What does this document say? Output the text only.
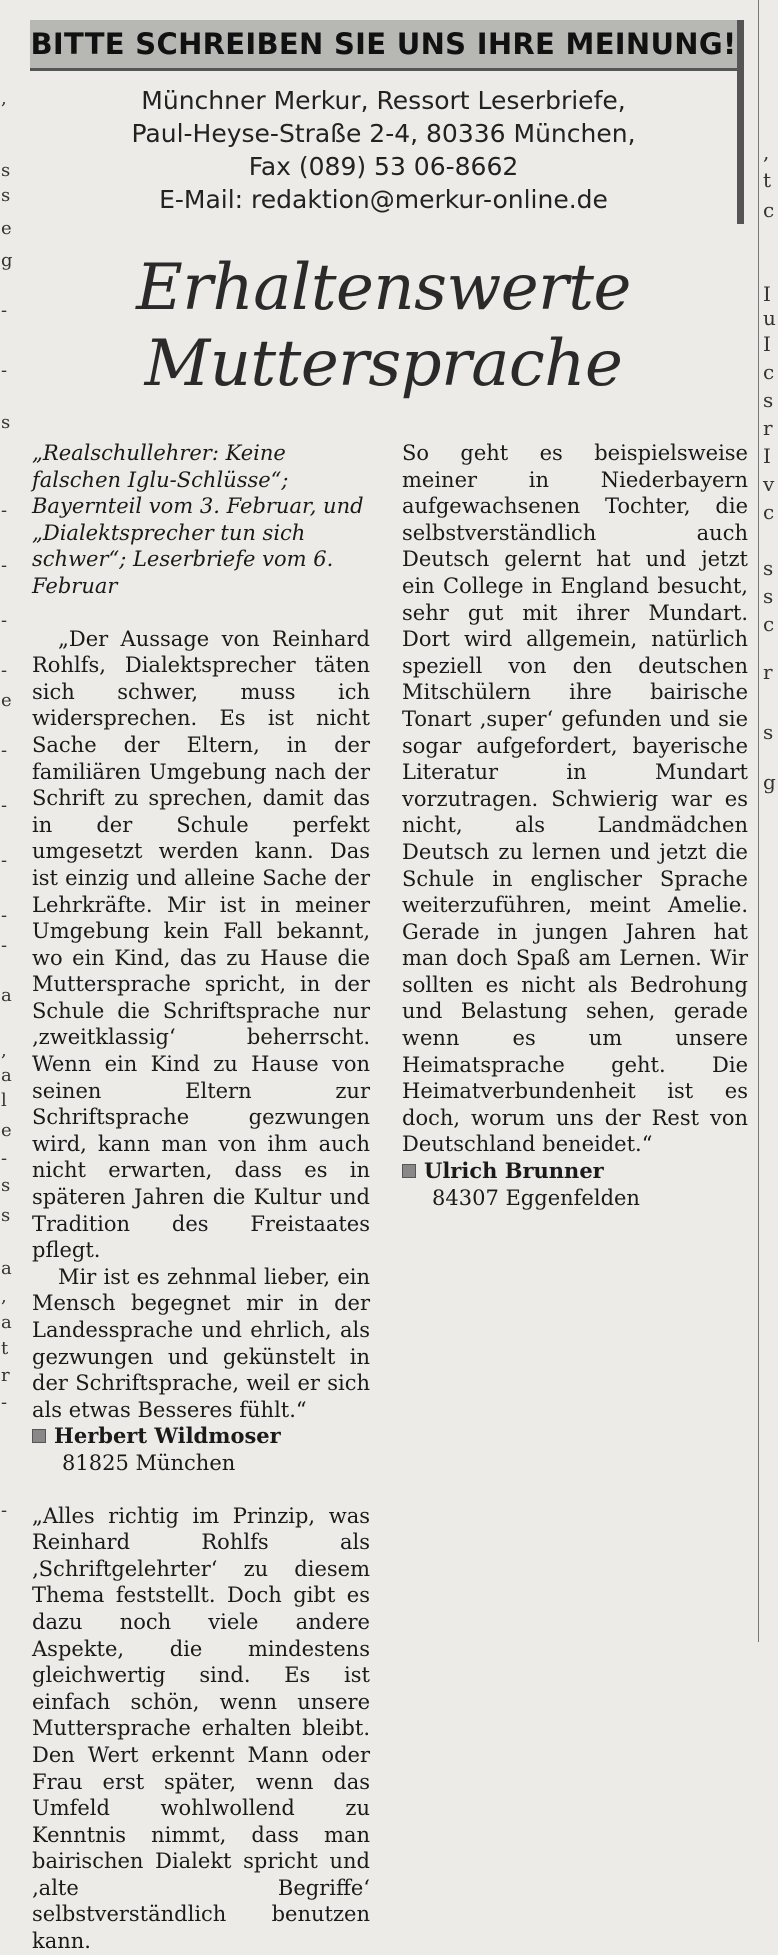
,
s
s
e
g
-
-
s
-
-
-
-
e
-
-
-
-
-
a
,
a
l
e
-
s
s
a
,
a
t
r
-
-
,
t
c
I
u
I
c
s
r
I
v
c
s
s
c
r
s
g
BITTE SCHREIBEN SIE UNS IHRE MEINUNG!
Münchner Merkur, Ressort Leserbriefe,
Paul-Heyse-Straße 2-4, 80336 München,
Fax (089) 53 06-8662
E-Mail: redaktion@merkur-online.de
Erhaltenswerte
Muttersprache

„Realschullehrer: Keine falschen Iglu-Schlüsse“; Bayernteil vom 3. Februar, und „Dialektsprecher tun sich schwer“; Leserbriefe vom 6. Februar

„Der Aussage von Reinhard Rohlfs, Dialektsprecher täten sich schwer, muss ich widersprechen. Es ist nicht Sache der Eltern, in der familiären Umgebung nach der Schrift zu sprechen, damit das in der Schule perfekt umgesetzt werden kann. Das ist einzig und alleine Sache der Lehrkräfte. Mir ist in meiner Umgebung kein Fall bekannt, wo ein Kind, das zu Hause die Muttersprache spricht, in der Schule die Schriftsprache nur ‚zweitklassig‘ beherrscht. Wenn ein Kind zu Hause von seinen Eltern zur Schriftsprache gezwungen wird, kann man von ihm auch nicht erwarten, dass es in späteren Jahren die Kultur und Tradition des Freistaates pflegt.

Mir ist es zehnmal lieber, ein Mensch begegnet mir in der Landessprache und ehrlich, als gezwungen und gekünstelt in der Schriftsprache, weil er sich als etwas Besseres fühlt.“

Herbert Wildmoser
81825 München

„Alles richtig im Prinzip, was Reinhard Rohlfs als ‚Schriftgelehrter‘ zu diesem Thema feststellt. Doch gibt es dazu noch viele andere Aspekte, die mindestens gleichwertig sind. Es ist einfach schön, wenn unsere Muttersprache erhalten bleibt. Den Wert erkennt Mann oder Frau erst später, wenn das Umfeld wohlwollend zu Kenntnis nimmt, dass man bairischen Dialekt spricht und ‚alte Begriffe‘ selbstverständlich benutzen kann.

So geht es beispielsweise meiner in Niederbayern aufgewachsenen Tochter, die selbstverständlich auch Deutsch gelernt hat und jetzt ein College in England besucht, sehr gut mit ihrer Mundart. Dort wird allgemein, natürlich speziell von den deutschen Mitschülern ihre bairische Tonart ‚super‘ gefunden und sie sogar aufgefordert, bayerische Literatur in Mundart vorzutragen. Schwierig war es nicht, als Landmädchen Deutsch zu lernen und jetzt die Schule in englischer Sprache weiterzuführen, meint Amelie. Gerade in jungen Jahren hat man doch Spaß am Lernen. Wir sollten es nicht als Bedrohung und Belastung sehen, gerade wenn es um unsere Heimatsprache geht. Die Heimatverbundenheit ist es doch, worum uns der Rest von Deutschland beneidet.“

Ulrich Brunner
84307 Eggenfelden
